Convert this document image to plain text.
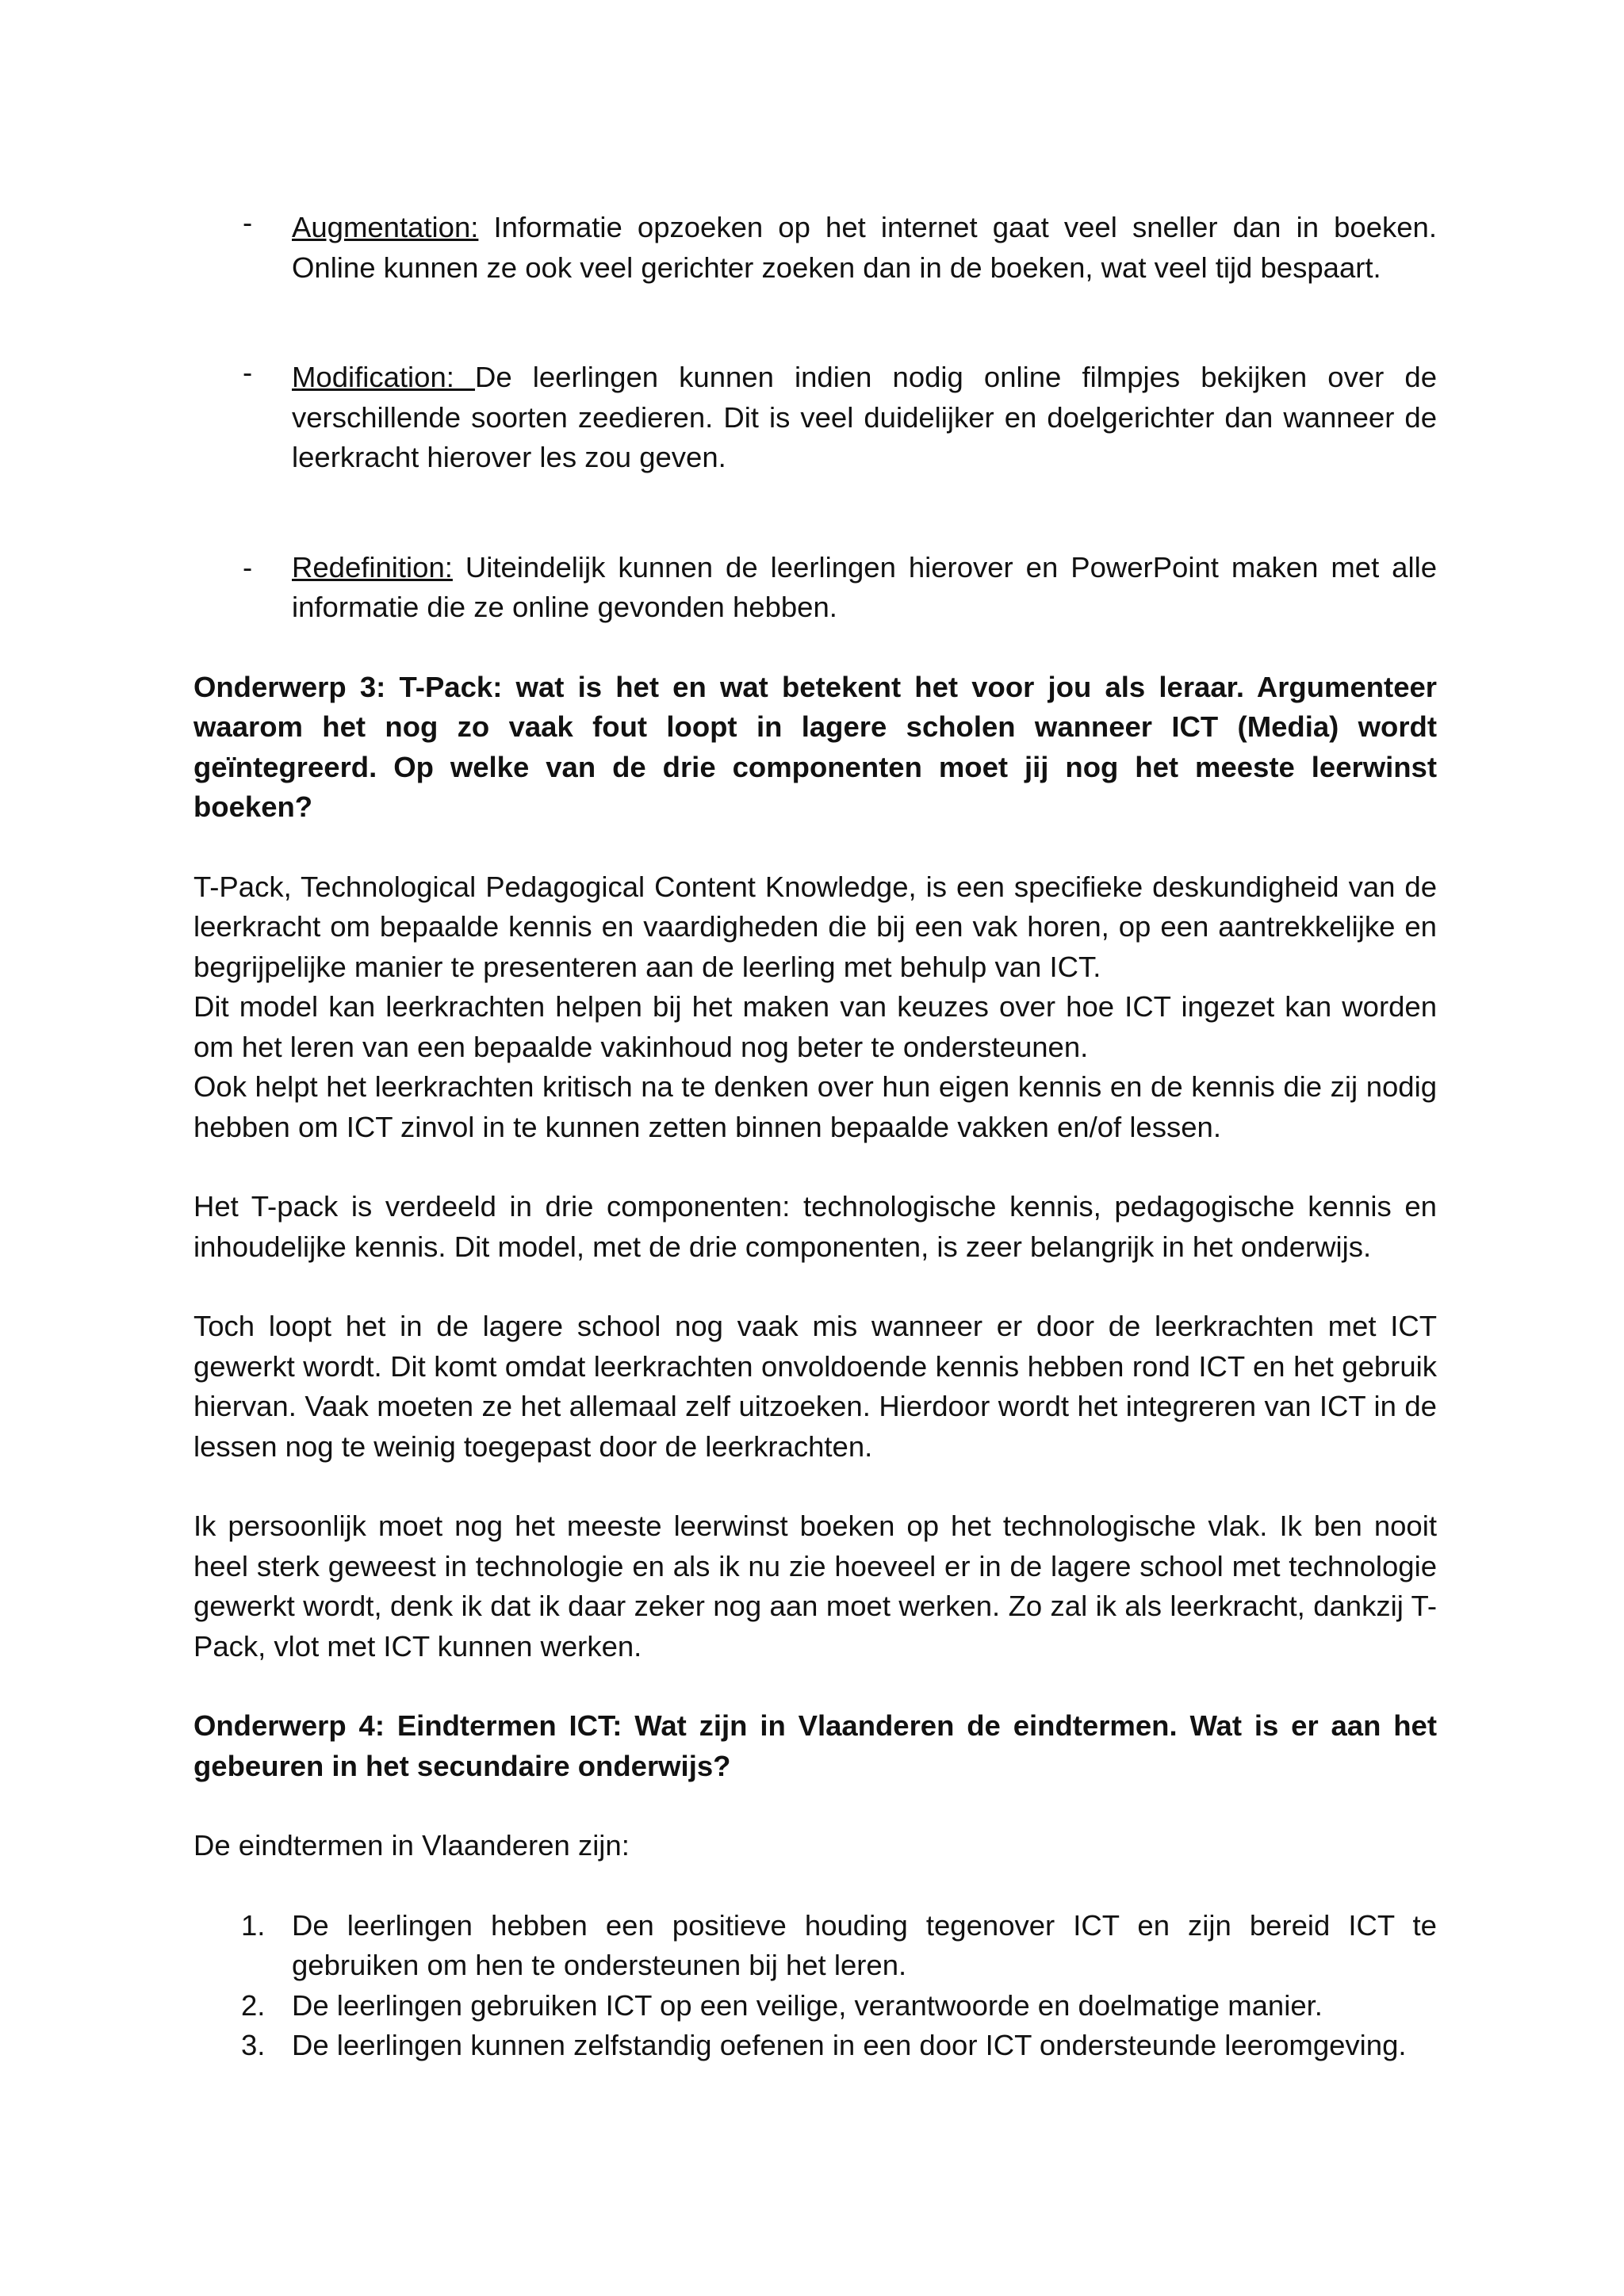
- Augmentation: Informatie opzoeken op het internet gaat veel sneller dan in boeken. Online kunnen ze ook veel gerichter zoeken dan in de boeken, wat veel tijd bespaart.
- Modification: De leerlingen kunnen indien nodig online filmpjes bekijken over de verschillende soorten zeedieren. Dit is veel duidelijker en doelgerichter dan wanneer de leerkracht hierover les zou geven.
- Redefinition: Uiteindelijk kunnen de leerlingen hierover en PowerPoint maken met alle informatie die ze online gevonden hebben.

Onderwerp 3: T-Pack: wat is het en wat betekent het voor jou als leraar. Argumenteer waarom het nog zo vaak fout loopt in lagere scholen wanneer ICT (Media) wordt geïntegreerd. Op welke van de drie componenten moet jij nog het meeste leerwinst boeken?

T-Pack, Technological Pedagogical Content Knowledge, is een specifieke deskundigheid van de leerkracht om bepaalde kennis en vaardigheden die bij een vak horen, op een aantrekkelijke en begrijpelijke manier te presenteren aan de leerling met behulp van ICT.

Dit model kan leerkrachten helpen bij het maken van keuzes over hoe ICT ingezet kan worden om het leren van een bepaalde vakinhoud nog beter te ondersteunen.

Ook helpt het leerkrachten kritisch na te denken over hun eigen kennis en de kennis die zij nodig hebben om ICT zinvol in te kunnen zetten binnen bepaalde vakken en/of lessen.

Het T-pack is verdeeld in drie componenten: technologische kennis, pedagogische kennis en inhoudelijke kennis. Dit model, met de drie componenten, is zeer belangrijk in het onderwijs.

Toch loopt het in de lagere school nog vaak mis wanneer er door de leerkrachten met ICT gewerkt wordt. Dit komt omdat leerkrachten onvoldoende kennis hebben rond ICT en het gebruik hiervan. Vaak moeten ze het allemaal zelf uitzoeken. Hierdoor wordt het integreren van ICT in de lessen nog te weinig toegepast door de leerkrachten.

Ik persoonlijk moet nog het meeste leerwinst boeken op het technologische vlak. Ik ben nooit heel sterk geweest in technologie en als ik nu zie hoeveel er in de lagere school met technologie gewerkt wordt, denk ik dat ik daar zeker nog aan moet werken. Zo zal ik als leerkracht, dankzij T-Pack, vlot met ICT kunnen werken.

Onderwerp 4: Eindtermen ICT: Wat zijn in Vlaanderen de eindtermen. Wat is er aan het gebeuren in het secundaire onderwijs?

De eindtermen in Vlaanderen zijn:

1. De leerlingen hebben een positieve houding tegenover ICT en zijn bereid ICT te gebruiken om hen te ondersteunen bij het leren.
2. De leerlingen gebruiken ICT op een veilige, verantwoorde en doelmatige manier.
3. De leerlingen kunnen zelfstandig oefenen in een door ICT ondersteunde leeromgeving.
